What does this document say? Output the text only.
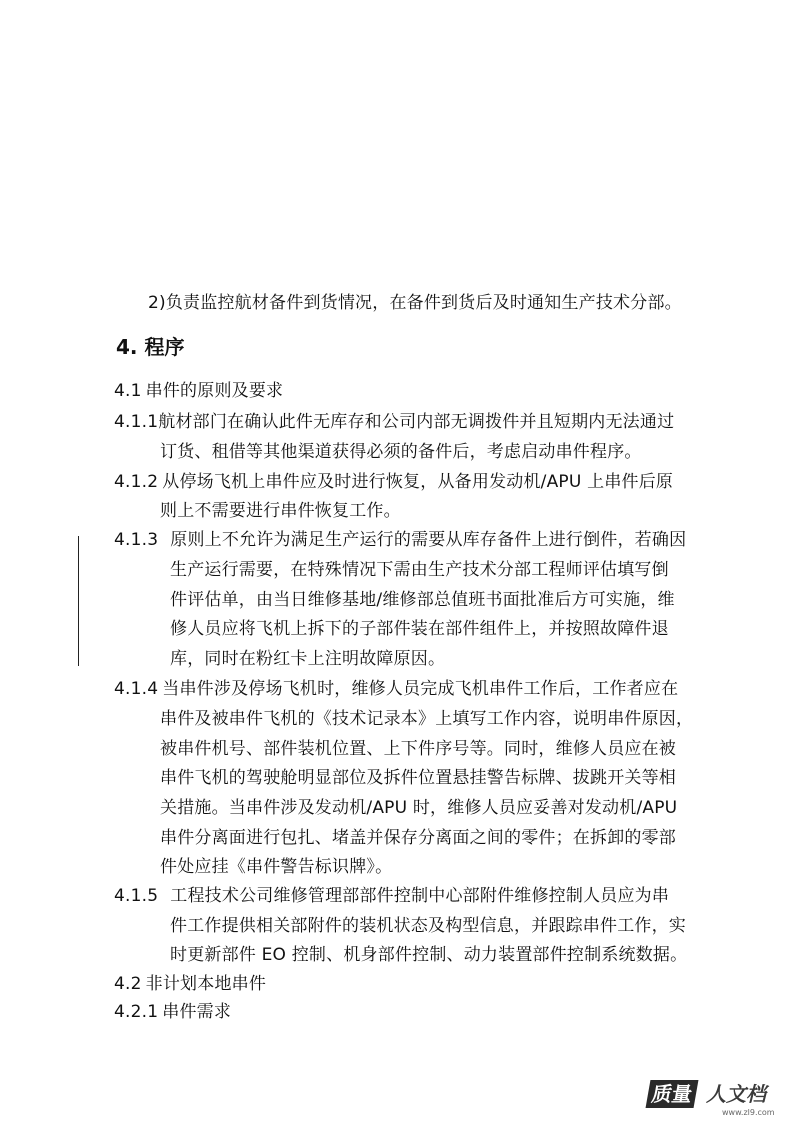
2)负责监控航材备件到货情况，在备件到货后及时通知生产技术分部。
4. 程序
4.1 串件的原则及要求
4.1.1航材部门在确认此件无库存和公司内部无调拨件并且短期内无法通过
订货、租借等其他渠道获得必须的备件后，考虑启动串件程序。
4.1.2 从停场飞机上串件应及时进行恢复，从备用发动机/APU 上串件后原
则上不需要进行串件恢复工作。
4.1.3 原则上不允许为满足生产运行的需要从库存备件上进行倒件，若确因
生产运行需要，在特殊情况下需由生产技术分部工程师评估填写倒
件评估单，由当日维修基地/维修部总值班书面批准后方可实施，维
修人员应将飞机上拆下的子部件装在部件组件上，并按照故障件退
库，同时在粉红卡上注明故障原因。
4.1.4 当串件涉及停场飞机时，维修人员完成飞机串件工作后，工作者应在
串件及被串件飞机的《技术记录本》上填写工作内容，说明串件原因，
被串件机号、部件装机位置、上下件序号等。同时，维修人员应在被
串件飞机的驾驶舱明显部位及拆件位置悬挂警告标牌、拔跳开关等相
关措施。当串件涉及发动机/APU 时，维修人员应妥善对发动机/APU
串件分离面进行包扎、堵盖并保存分离面之间的零件；在拆卸的零部
件处应挂《串件警告标识牌》。
4.1.5 工程技术公司维修管理部部件控制中心部附件维修控制人员应为串
件工作提供相关部附件的装机状态及构型信息，并跟踪串件工作，实
时更新部件 EO 控制、机身部件控制、动力装置部件控制系统数据。
4.2 非计划本地串件
4.2.1 串件需求
质量 人文档
www.zl9.com
